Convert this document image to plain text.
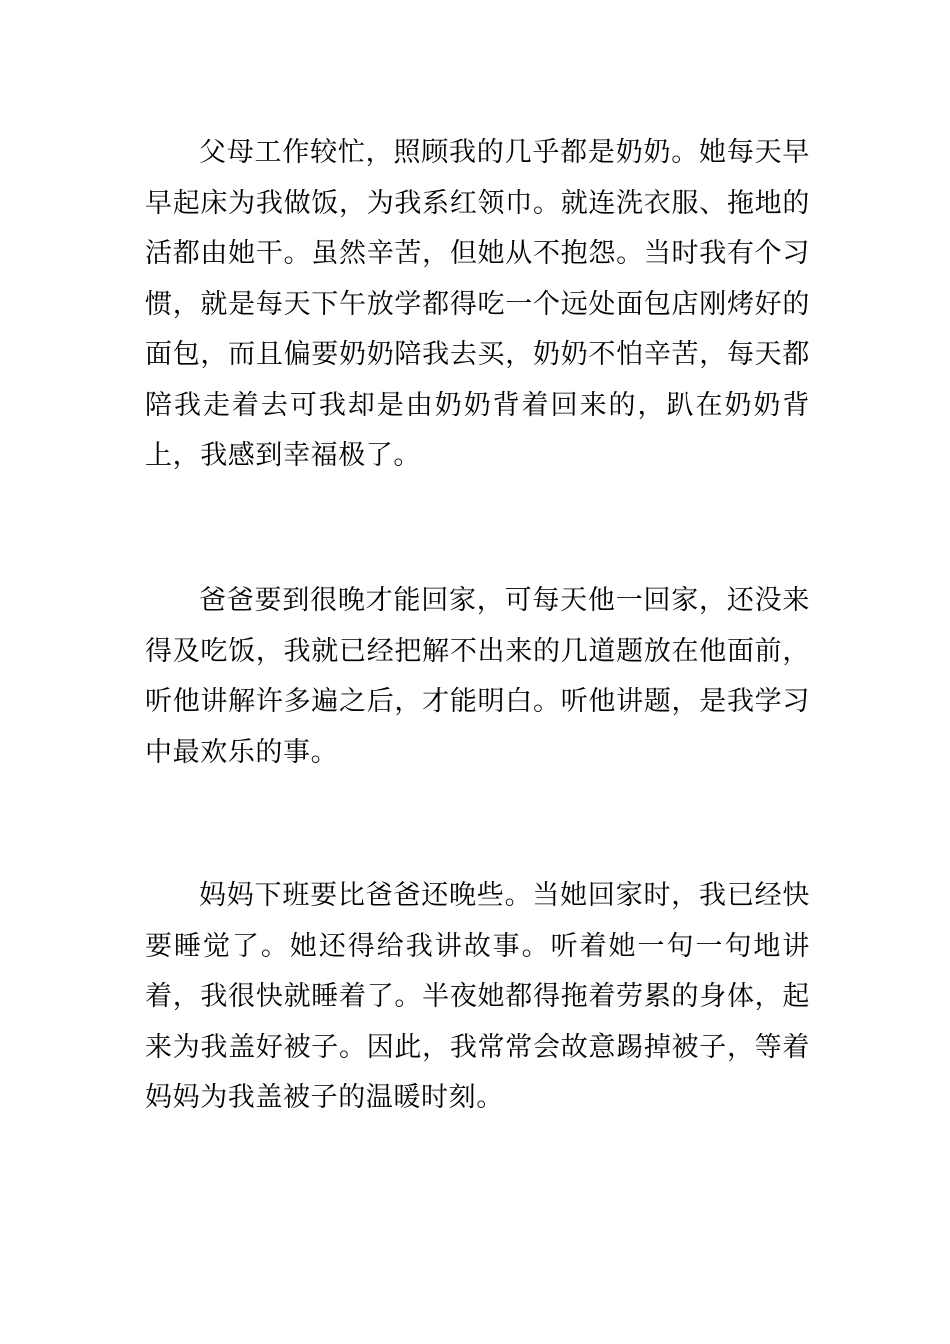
父母工作较忙，照顾我的几乎都是奶奶。她每天早早起床为我做饭，为我系红领巾。就连洗衣服、拖地的活都由她干。虽然辛苦，但她从不抱怨。当时我有个习惯，就是每天下午放学都得吃一个远处面包店刚烤好的面包，而且偏要奶奶陪我去买，奶奶不怕辛苦，每天都陪我走着去可我却是由奶奶背着回来的，趴在奶奶背上，我感到幸福极了。

爸爸要到很晚才能回家，可每天他一回家，还没来得及吃饭，我就已经把解不出来的几道题放在他面前，听他讲解许多遍之后，才能明白。听他讲题，是我学习中最欢乐的事。

妈妈下班要比爸爸还晚些。当她回家时，我已经快要睡觉了。她还得给我讲故事。听着她一句一句地讲着，我很快就睡着了。半夜她都得拖着劳累的身体，起来为我盖好被子。因此，我常常会故意踢掉被子，等着妈妈为我盖被子的温暖时刻。
